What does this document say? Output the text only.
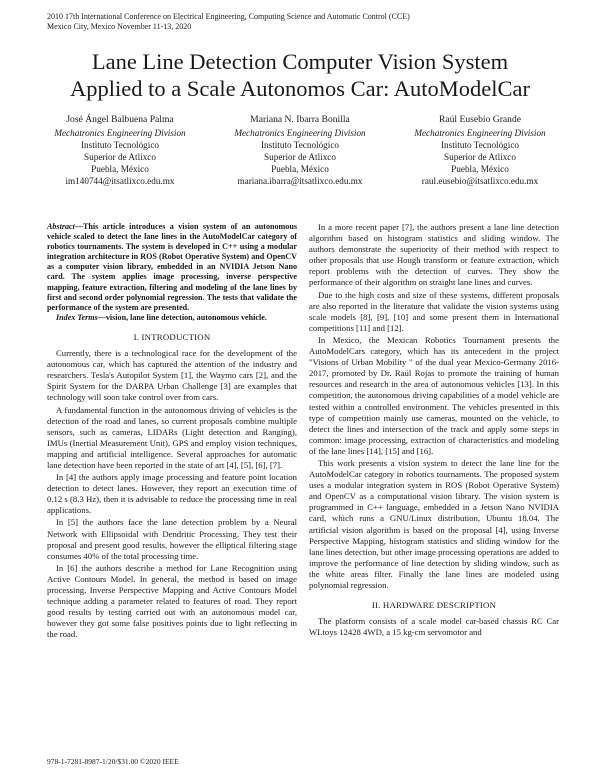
2010 17th International Conference on Electrical Engineering, Computing Science and Automatic Control (CCE)
Mexico City, Mexico November 11-13, 2020
Lane Line Detection Computer Vision System
Applied to a Scale Autonomos Car: AutoModelCar
José Ángel Balbuena Palma
Mechatronics Engineering Division
Instituto Tecnológico
Superior de Atlixco
Puebla, México
im140744@itsatlixco.edu.mx
Mariana N. Ibarra Bonilla
Mechatronics Engineering Division
Instituto Tecnológico
Superior de Atlixco
Puebla, México
mariana.ibarra@itsatlixco.edu.mx
Raúl Eusebio Grande
Mechatronics Engineering Division
Instituto Tecnológico
Superior de Atlixco
Puebla, México
raul.eusebio@itsatlixco.edu.mx

Abstract—This article introduces a vision system of an autonomous vehicle scaled to detect the lane lines in the AutoModelCar category of robotics tournaments. The system is developed in C++ using a modular integration architecture in ROS (Robot Operative System) and OpenCV as a computer vision library, embedded in an NVIDIA Jetson Nano card. The system applies image processing, inverse perspective mapping, feature extraction, filtering and modeling of the lane lines by first and second order polynomial regression. The tests that validate the performance of the system are presented.

Index Terms—vision, lane line detection, autonomous vehicle.

I. INTRODUCTION

Currently, there is a technological race for the development of the autonomous car, which has captured the attention of the industry and researchers. Tesla's Autopilot System [1], the Waymo cars [2], and the Spirit System for the DARPA Urban Challenge [3] are examples that technology will soon take control over from cars.

A fundamental function in the autonomous driving of vehicles is the detection of the road and lanes, so current proposals combine multiple sensors, such as cameras, LIDARs (Light detection and Ranging), IMUs (Inertial Measurement Unit), GPS and employ vision techniques, mapping and artificial intelligence. Several approaches for automatic lane detection have been reported in the state of art [4], [5], [6], [7].

In [4] the authors apply image processing and feature point location detection to detect lanes. However, they report an execution time of 0.12 s (8.3 Hz), then it is advisable to reduce the processing time in real applications.

In [5] the authors face the lane detection problem by a Neural Network with Ellipsoidal with Dendritic Processing. They test their proposal and present good results, however the elliptical filtering stage consumes 40% of the total processing time.

In [6] the authors describe a method for Lane Recognition using Active Contours Model. In general, the method is based on image processing, Inverse Perspective Mapping and Active Contours Model technique adding a parameter related to features of road. They report good results by testing carried out with an autonomous model car, however they got some false positives points due to light reflecting in the road.

In a more recent paper [7], the authors present a lane line detection algorithm based on histogram statistics and sliding window. The authors demonstrate the superiority of their method with respect to other proposals that use Hough transform or feature extraction, which report problems with the detection of curves. They show the performance of their algorithm on straight lane lines and curves.

Due to the high costs and size of these systems, different proposals are also reported in the literature that validate the vision systems using scale models [8], [9], [10] and some present them in International competitions [11] and [12].

In Mexico, the Mexican Robotics Tournament presents the AutoModelCars category, which has its antecedent in the project "Visions of Urban Mobility " of the dual year Mexico-Germany 2016-2017, promoted by Dr. Raúl Rojas to promote the training of human resources and research in the area of autonomous vehicles [13]. In this competition, the autonomous driving capabilities of a model vehicle are tested within a controlled environment. The vehicles presented in this type of competition mainly use cameras, mounted on the vehicle, to detect the lines and intersection of the track and apply some steps in common: image processing, extraction of characteristics and modeling of the lane lines [14], [15] and [16].

This work presents a vision system to detect the lane line for the AutoModelCar category in robotics tournaments. The proposed system uses a modular integration system in ROS (Robot Operative System) and OpenCV as a computational vision library. The vision system is programmed in C++ language, embedded in a Jetson Nano NVIDIA card, which runs a GNU/Linux distribution, Ubuntu 18.04. The artificial vision algorithm is based on the proposal [4], using Inverse Perspective Mapping, histogram statistics and sliding window for the lane lines detection, but other image processing operations are added to improve the performance of line detection by sliding window, such as the white areas filter. Finally the lane lines are modeled using polynomial regression.

II. HARDWARE DESCRIPTION

The platform consists of a scale model car-based chassis RC Car WLtoys 12428 4WD, a 15 kg-cm servomotor and

978-1-7281-8987-1/20/$31.00 ©2020 IEEE
